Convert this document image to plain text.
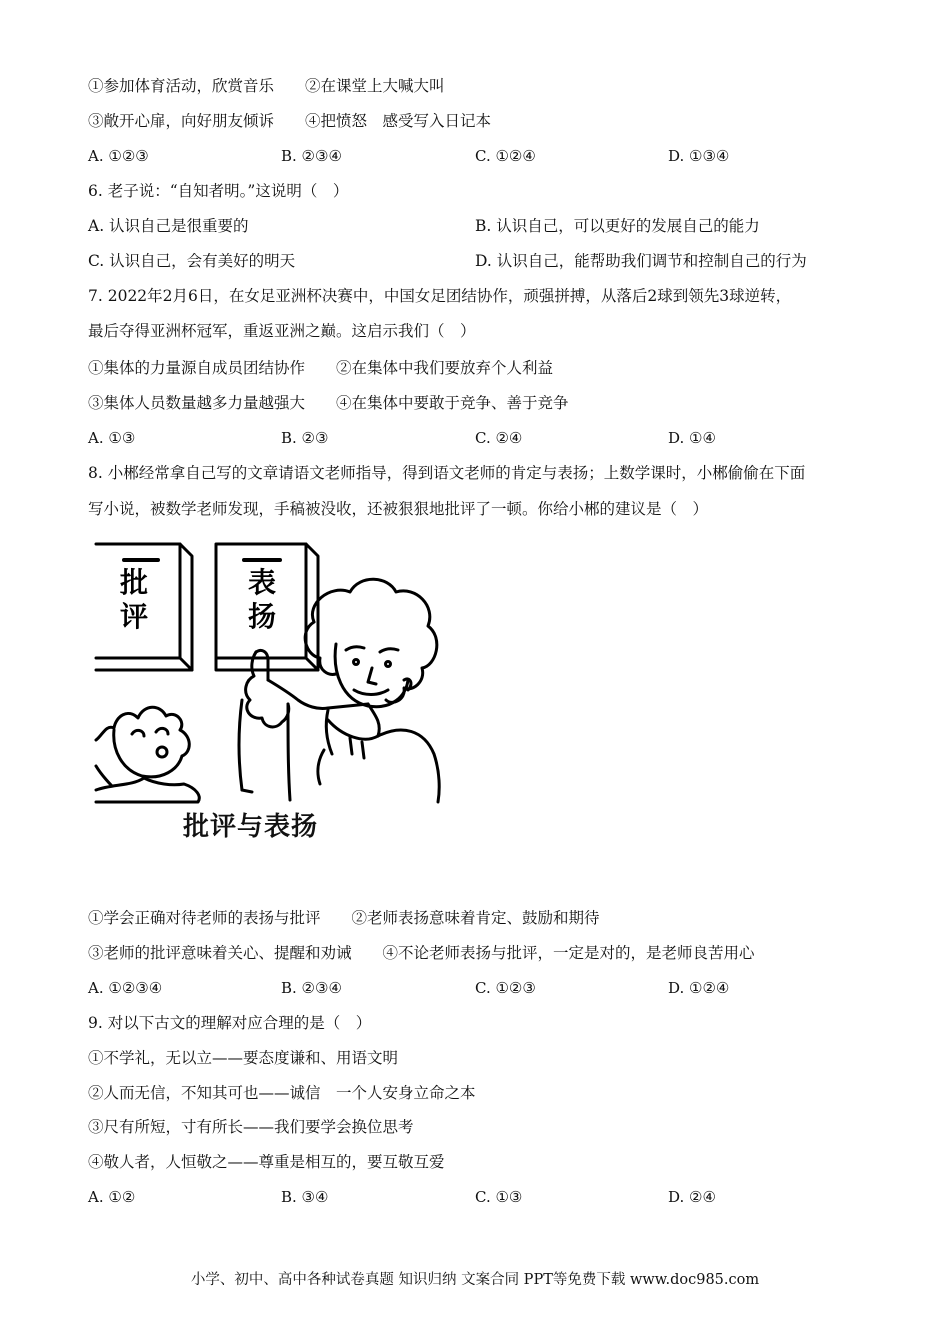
①参加体育活动，欣赏音乐　　②在课堂上大喊大叫
③敞开心扉，向好朋友倾诉　　④把愤怒　感受写入日记本
A. ①②③	B. ②③④	C. ①②④	D. ①③④
6. 老子说：“自知者明。”这说明（　）
A. 认识自己是很重要的	B. 认识自己，可以更好的发展自己的能力
C. 认识自己，会有美好的明天	D. 认识自己，能帮助我们调节和控制自己的行为
7. 2022年2月6日，在女足亚洲杯决赛中，中国女足团结协作，顽强拼搏，从落后2球到领先3球逆转，
最后夺得亚洲杯冠军，重返亚洲之巅。这启示我们（　）
①集体的力量源自成员团结协作　　②在集体中我们要放弃个人利益
③集体人员数量越多力量越强大　　④在集体中要敢于竞争、善于竞争
A. ①③	B. ②③	C. ②④	D. ①④
8. 小郴经常拿自己写的文章请语文老师指导，得到语文老师的肯定与表扬；上数学课时，小郴偷偷在下面
写小说，被数学老师发现，手稿被没收，还被狠狠地批评了一顿。你给小郴的建议是（　）
批
评
表
扬
批评与表扬
①学会正确对待老师的表扬与批评　　②老师表扬意味着肯定、鼓励和期待
③老师的批评意味着关心、提醒和劝诫　　④不论老师表扬与批评，一定是对的，是老师良苦用心
A. ①②③④	B. ②③④	C. ①②③	D. ①②④
9. 对以下古文的理解对应合理的是（　）
①不学礼，无以立——要态度谦和、用语文明
②人而无信，不知其可也——诚信　一个人安身立命之本
③尺有所短，寸有所长——我们要学会换位思考
④敬人者，人恒敬之——尊重是相互的，要互敬互爱
A. ①②	B. ③④	C. ①③	D. ②④
小学、初中、高中各种试卷真题 知识归纳 文案合同 PPT等免费下载 www.doc985.com
